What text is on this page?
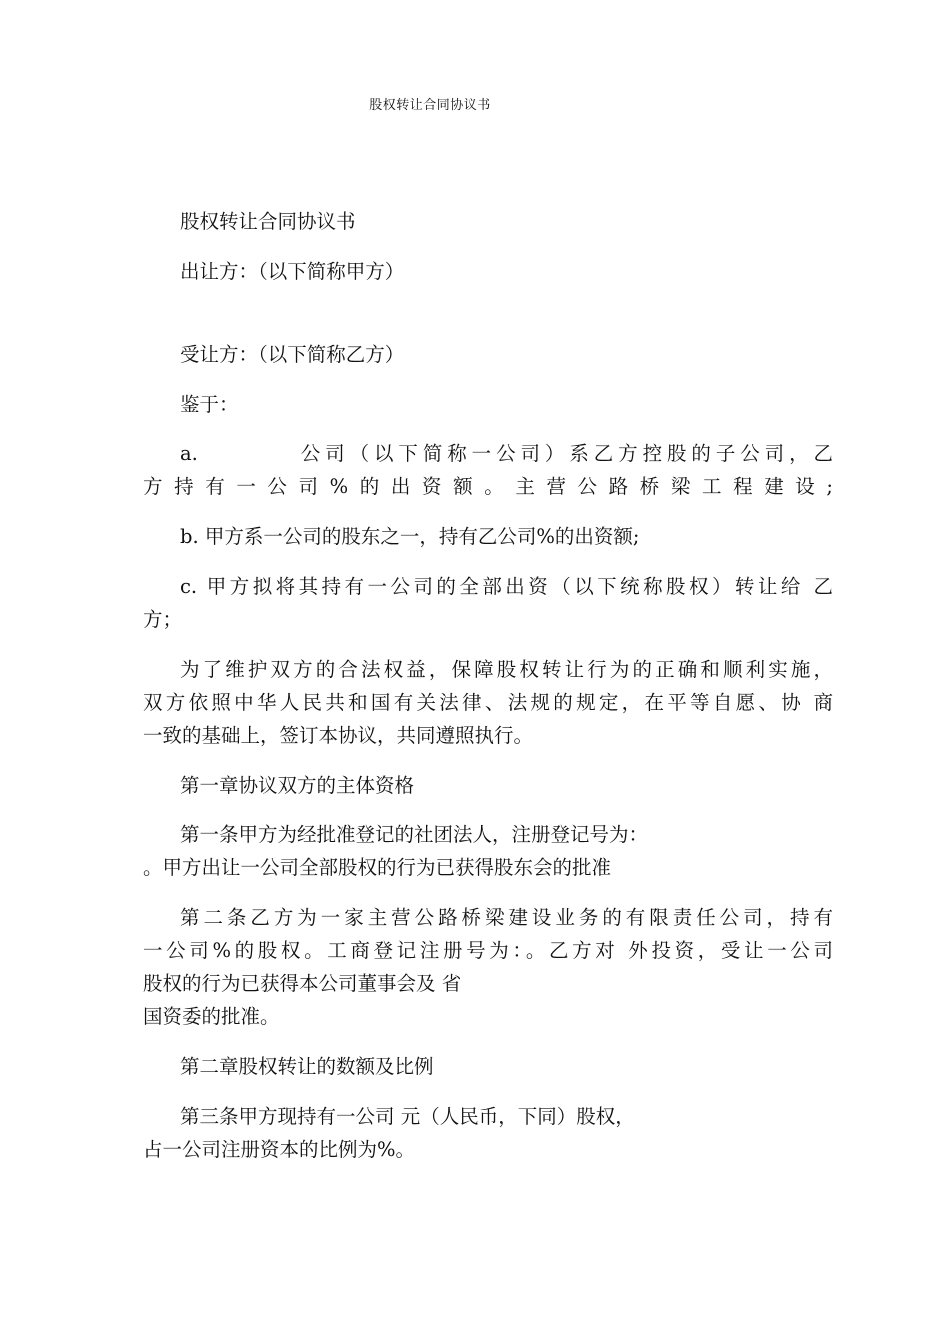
股权转让合同协议书
股权转让合同协议书
出让方：（以下简称甲方）
受让方：（以下简称乙方）
鉴于：
a.	公司（以下简称一公司）系乙方控股的子公司，乙
方持有一公司%的出资额。主营公路桥梁工程建设;
b. 甲方系一公司的股东之一，持有乙公司%的出资额;
c. 甲方拟将其持有一公司的全部出资（以下统称股权）转让给 乙
方；
为了维护双方的合法权益，保障股权转让行为的正确和顺利实施，
双方依照中华人民共和国有关法律、法规的规定，在平等自愿、协 商
一致的基础上，签订本协议，共同遵照执行。
第一章协议双方的主体资格
第一条甲方为经批准登记的社团法人，注册登记号为：
。甲方出让一公司全部股权的行为已获得股东会的批准
第二条乙方为一家主营公路桥梁建设业务的有限责任公司，持有
一公司%的股权。工商登记注册号为：。乙方对 外投资，受让一公司
股权的行为已获得本公司董事会及 省
国资委的批准。
第二章股权转让的数额及比例
第三条甲方现持有一公司 元（人民币，下同）股权，
占一公司注册资本的比例为%。
